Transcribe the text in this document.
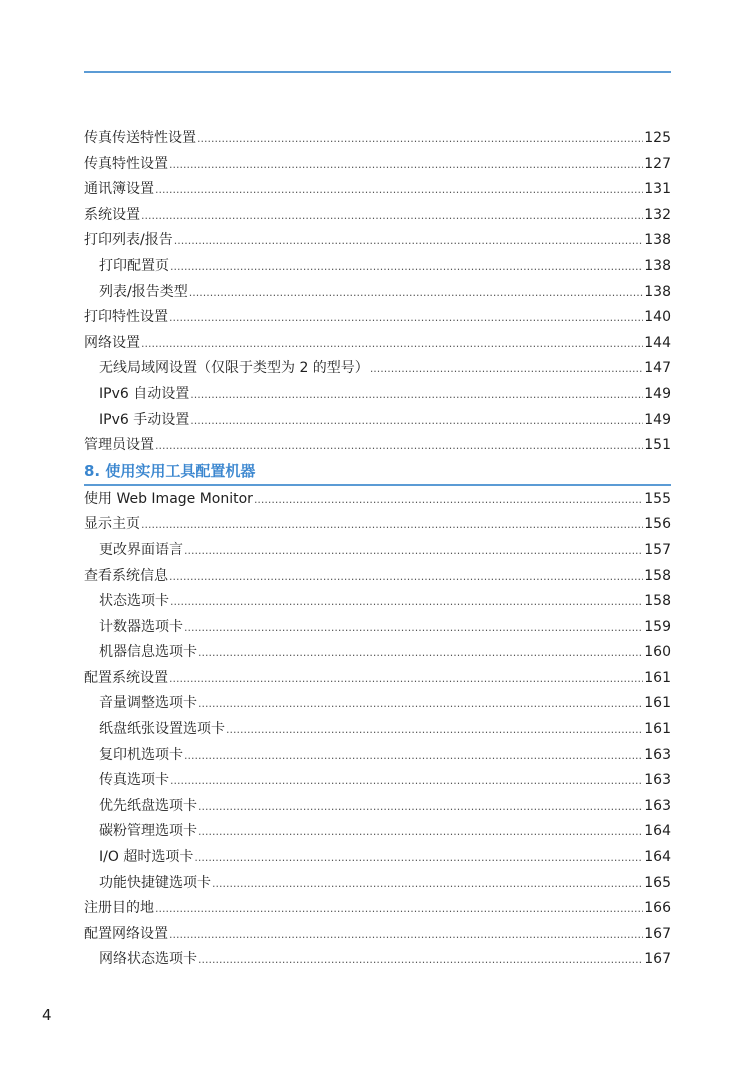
传真传送特性设置 .....	125
传真特性设置 .....	127
通讯簿设置 .....	131
系统设置 .....	132
打印列表/报告 .....	138
打印配置页 .....	138
列表/报告类型 .....	138
打印特性设置 .....	140
网络设置 .....	144
无线局域网设置（仅限于类型为 2 的型号） .....	147
IPv6 自动设置 .....	149
IPv6 手动设置 .....	149
管理员设置 .....	151
8. 使用实用工具配置机器
使用 Web Image Monitor .....	155
显示主页 .....	156
更改界面语言 .....	157
查看系统信息 .....	158
状态选项卡 .....	158
计数器选项卡 .....	159
机器信息选项卡 .....	160
配置系统设置 .....	161
音量调整选项卡 .....	161
纸盘纸张设置选项卡 .....	161
复印机选项卡 .....	163
传真选项卡 .....	163
优先纸盘选项卡 .....	163
碳粉管理选项卡 .....	164
I/O 超时选项卡 .....	164
功能快捷键选项卡 .....	165
注册目的地 .....	166
配置网络设置 .....	167
网络状态选项卡 .....	167
4
